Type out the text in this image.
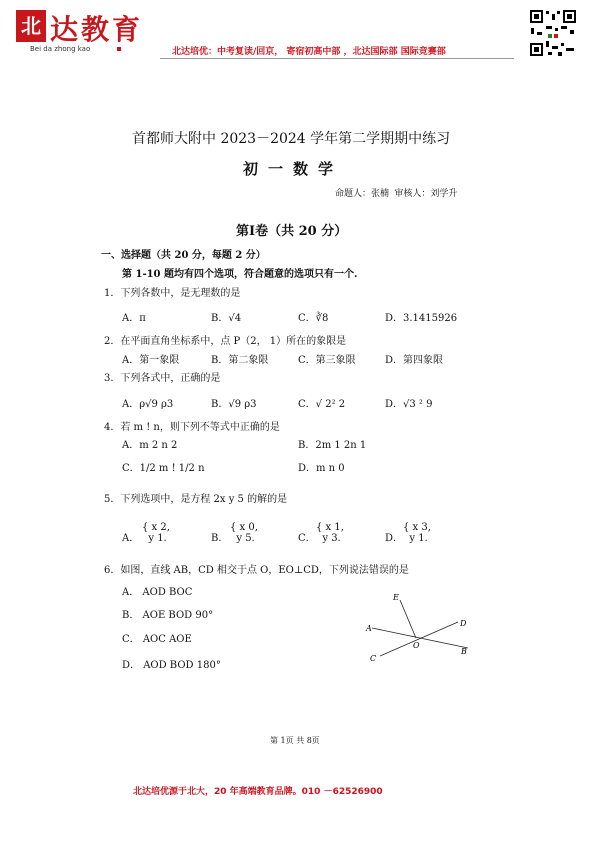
北 达教育
Bei da zhong kao	北达培优：中考复读/回京， 寄宿初高中部 ，北达国际部 国际竞赛部
首都师大附中 2023－2024 学年第二学期期中练习
初一数学
命题人：张楠 审核人：刘学升
第Ⅰ卷（共 20 分）
一、选择题（共 20 分，每题 2 分）
第 1-10 题均有四个选项，符合题意的选项只有一个.
1．下列各数中，是无理数的是
A．π	B．√4	C．∛8	D．3.1415926
2．在平面直角坐标系中，点 P（2， 1）所在的象限是
A．第一象限	B．第二象限	C．第三象限	D．第四象限
3．下列各式中，正确的是
A．ρ√9 ρ3	B．√9 ρ3	C．√ 2² 2	D．√3 ² 9
4．若 m ! n，则下列不等式中正确的是
A．m 2 n 2	B．2m 1 2n 1
C．1/2 m ! 1/2 n	D．m n 0
5．下列选项中，是方程 2x y 5 的解的是
A．
{ x 2,
y 1.	B．
{ x 0,
y 5.	C．
{ x 1,
y 3.	D．
{ x 3,
y 1.
6．如图，直线 AB，CD 相交于点 O，EO⊥CD，下列说法错误的是
A． AOD BOC
B． AOE BOD 90°
C． AOC AOE
D． AOD BOD 180°
E
A
D
O
C
B
第 1页 共 8页
北达培优源于北大，20 年高端教育品牌。010 －62526900
